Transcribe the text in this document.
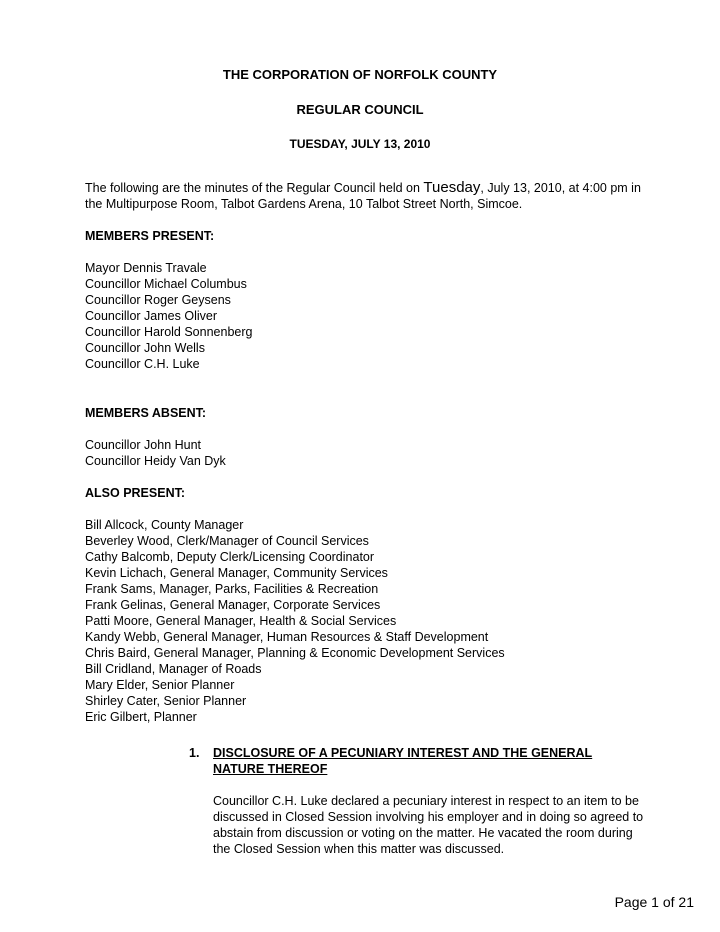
THE CORPORATION OF NORFOLK COUNTY
REGULAR COUNCIL
TUESDAY, JULY 13, 2010
The following are the minutes of the Regular Council held on Tuesday, July 13, 2010, at 4:00 pm in the Multipurpose Room, Talbot Gardens Arena, 10 Talbot Street North, Simcoe.
MEMBERS PRESENT:
Mayor Dennis Travale
Councillor Michael Columbus
Councillor Roger Geysens
Councillor James Oliver
Councillor Harold Sonnenberg
Councillor John Wells
Councillor C.H. Luke
MEMBERS ABSENT:
Councillor John Hunt
Councillor Heidy Van Dyk
ALSO PRESENT:
Bill Allcock, County Manager
Beverley Wood, Clerk/Manager of Council Services
Cathy Balcomb, Deputy Clerk/Licensing Coordinator
Kevin Lichach, General Manager, Community Services
Frank Sams, Manager, Parks, Facilities & Recreation
Frank Gelinas, General Manager, Corporate Services
Patti Moore, General Manager, Health & Social Services
Kandy Webb, General Manager, Human Resources & Staff Development
Chris Baird, General Manager, Planning & Economic Development Services
Bill Cridland, Manager of Roads
Mary Elder, Senior Planner
Shirley Cater, Senior Planner
Eric Gilbert, Planner
1. DISCLOSURE OF A PECUNIARY INTEREST AND THE GENERAL NATURE THEREOF
Councillor C.H. Luke declared a pecuniary interest in respect to an item to be discussed in Closed Session involving his employer and in doing so agreed to abstain from discussion or voting on the matter. He vacated the room during the Closed Session when this matter was discussed.
Page 1 of 21
